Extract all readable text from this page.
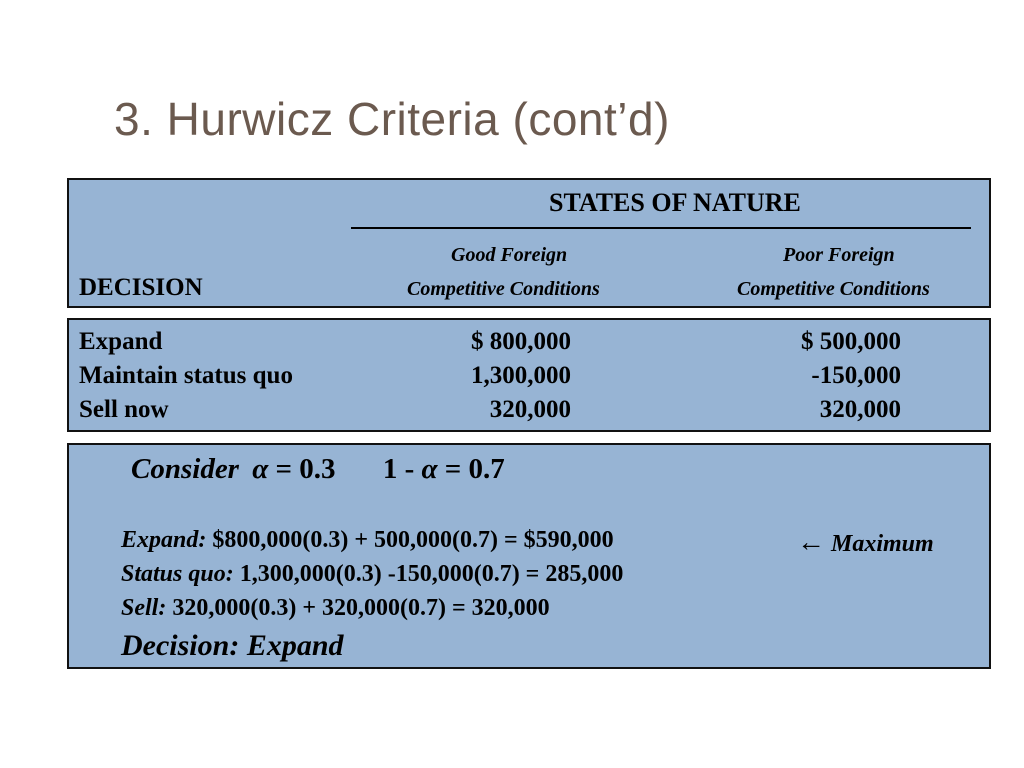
3. Hurwicz Criteria (cont’d)
STATES OF NATURE
Good Foreign
Competitive Conditions
Poor Foreign
Competitive Conditions
DECISION
Expand	$ 800,000	$ 500,000
Maintain status quo	1,300,000	-150,000
Sell now	320,000	320,000
Consider α = 0.3 1 - α = 0.7
Expand: $800,000(0.3) + 500,000(0.7) = $590,000	← Maximum
Status quo: 1,300,000(0.3) -150,000(0.7) = 285,000
Sell: 320,000(0.3) + 320,000(0.7) = 320,000
Decision: Expand
